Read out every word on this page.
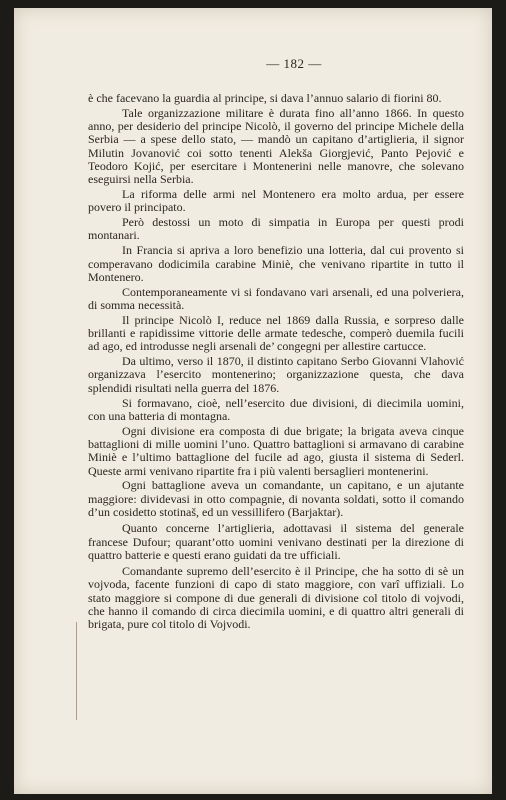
— 182 —

è che facevano la guardia al principe, si dava l’annuo salario di fiorini 80.

Tale organizzazione militare è durata fino all’anno 1866. In questo anno, per desiderio del principe Nicolò, il governo del principe Michele della Serbia — a spese dello stato, — mandò un capitano d’artiglieria, il signor Milutin Jovanović coi sotto tenenti Alekša Giorgjević, Panto Pejović e Teodoro Kojić, per esercitare i Montenerini nelle manovre, che solevano eseguirsi nella Serbia.

La riforma delle armi nel Montenero era molto ardua, per essere povero il principato.

Però destossi un moto di simpatia in Europa per questi prodi montanari.

In Francia si apriva a loro benefizio una lotteria, dal cui provento si comperavano dodicimila carabine Miniè, che venivano ripartite in tutto il Montenero.

Contemporaneamente vi si fondavano vari arsenali, ed una polveriera, di somma necessità.

Il principe Nicolò I, reduce nel 1869 dalla Russia, e sorpreso dalle brillanti e rapidissime vittorie delle armate tedesche, comperò duemila fucili ad ago, ed introdusse negli arsenali de’ congegni per allestire cartucce.

Da ultimo, verso il 1870, il distinto capitano Serbo Giovanni Vlahović organizzava l’esercito montenerino; organizzazione questa, che dava splendidi risultati nella guerra del 1876.

Si formavano, cioè, nell’esercito due divisioni, di diecimila uomini, con una batteria di montagna.

Ogni divisione era composta di due brigate; la brigata aveva cinque battaglioni di mille uomini l’uno. Quattro battaglioni si armavano di carabine Miniè e l’ultimo battaglione del fucile ad ago, giusta il sistema di Sederl. Queste armi venivano ripartite fra i più valenti bersaglieri montenerini.

Ogni battaglione aveva un comandante, un capitano, e un ajutante maggiore: dividevasi in otto compagnie, di novanta soldati, sotto il comando d’un cosidetto stotinaš, ed un vessillifero (Barjaktar).

Quanto concerne l’artiglieria, adottavasi il sistema del generale francese Dufour; quarant’otto uomini venivano destinati per la direzione di quattro batterie e questi erano guidati da tre ufficiali.

Comandante supremo dell’esercito è il Principe, che ha sotto di sè un vojvoda, facente funzioni di capo di stato maggiore, con varî uffiziali. Lo stato maggiore si compone di due generali di divisione col titolo di vojvodi, che hanno il comando di circa diecimila uomini, e di quattro altri generali di brigata, pure col titolo di Vojvodi.
